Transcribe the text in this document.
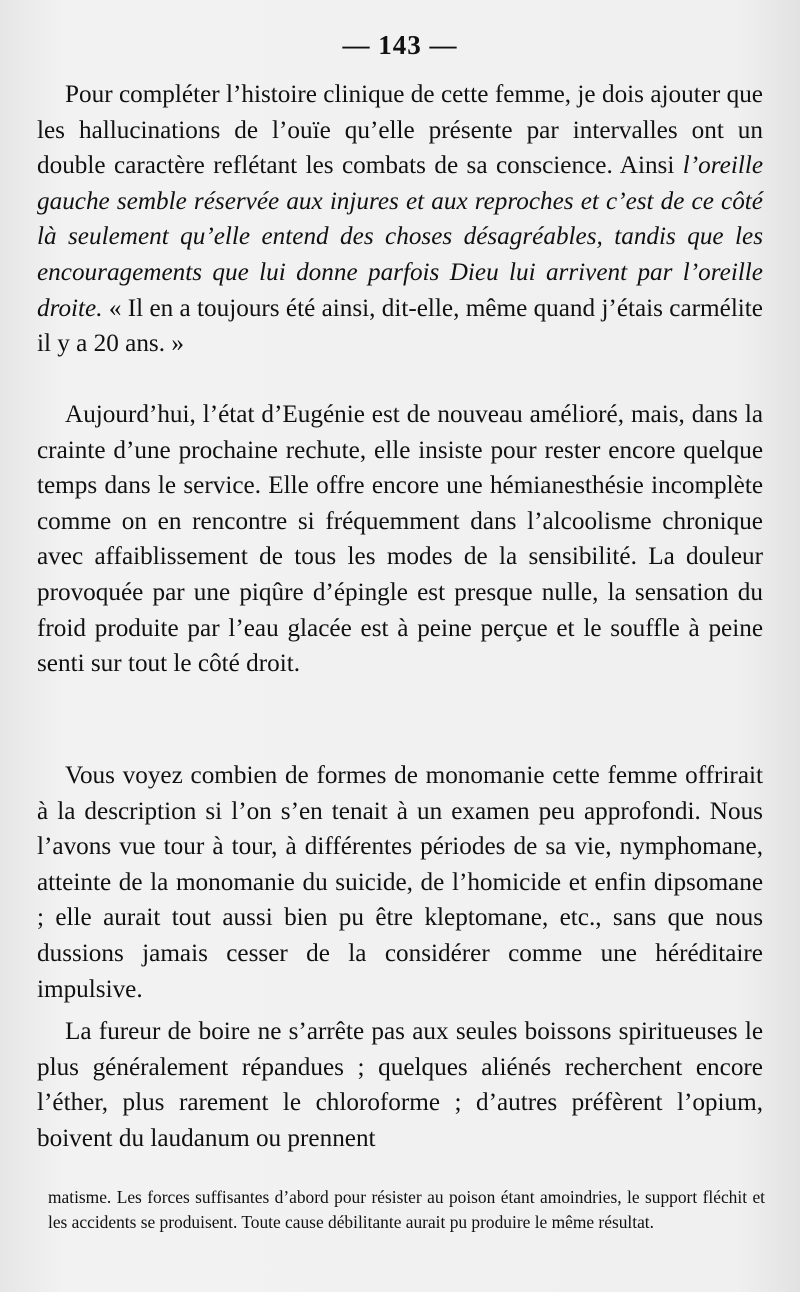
— 143 —

Pour compléter l’histoire clinique de cette femme, je dois ajouter que les hallucinations de l’ouïe qu’elle présente par intervalles ont un double caractère reflétant les combats de sa conscience. Ainsi l’oreille gauche semble réservée aux injures et aux reproches et c’est de ce côté là seulement qu’elle entend des choses désagréables, tandis que les encouragements que lui donne parfois Dieu lui arrivent par l’oreille droite. « Il en a toujours été ainsi, dit-elle, même quand j’étais carmélite il y a 20 ans. »

Aujourd’hui, l’état d’Eugénie est de nouveau amélioré, mais, dans la crainte d’une prochaine rechute, elle insiste pour rester encore quelque temps dans le service. Elle offre encore une hémianesthésie incomplète comme on en rencontre si fréquemment dans l’alcoolisme chronique avec affaiblissement de tous les modes de la sensibilité. La douleur provoquée par une piqûre d’épingle est presque nulle, la sensation du froid produite par l’eau glacée est à peine perçue et le souffle à peine senti sur tout le côté droit.

Vous voyez combien de formes de monomanie cette femme offrirait à la description si l’on s’en tenait à un examen peu approfondi. Nous l’avons vue tour à tour, à différentes périodes de sa vie, nymphomane, atteinte de la monomanie du suicide, de l’homicide et enfin dipsomane ; elle aurait tout aussi bien pu être kleptomane, etc., sans que nous dussions jamais cesser de la considérer comme une héréditaire impulsive.

La fureur de boire ne s’arrête pas aux seules boissons spiritueuses le plus généralement répandues ; quelques aliénés recherchent encore l’éther, plus rarement le chloroforme ; d’autres préfèrent l’opium, boivent du laudanum ou prennent

matisme. Les forces suffisantes d’abord pour résister au poison étant amoindries, le support fléchit et les accidents se produisent. Toute cause débilitante aurait pu produire le même résultat.
